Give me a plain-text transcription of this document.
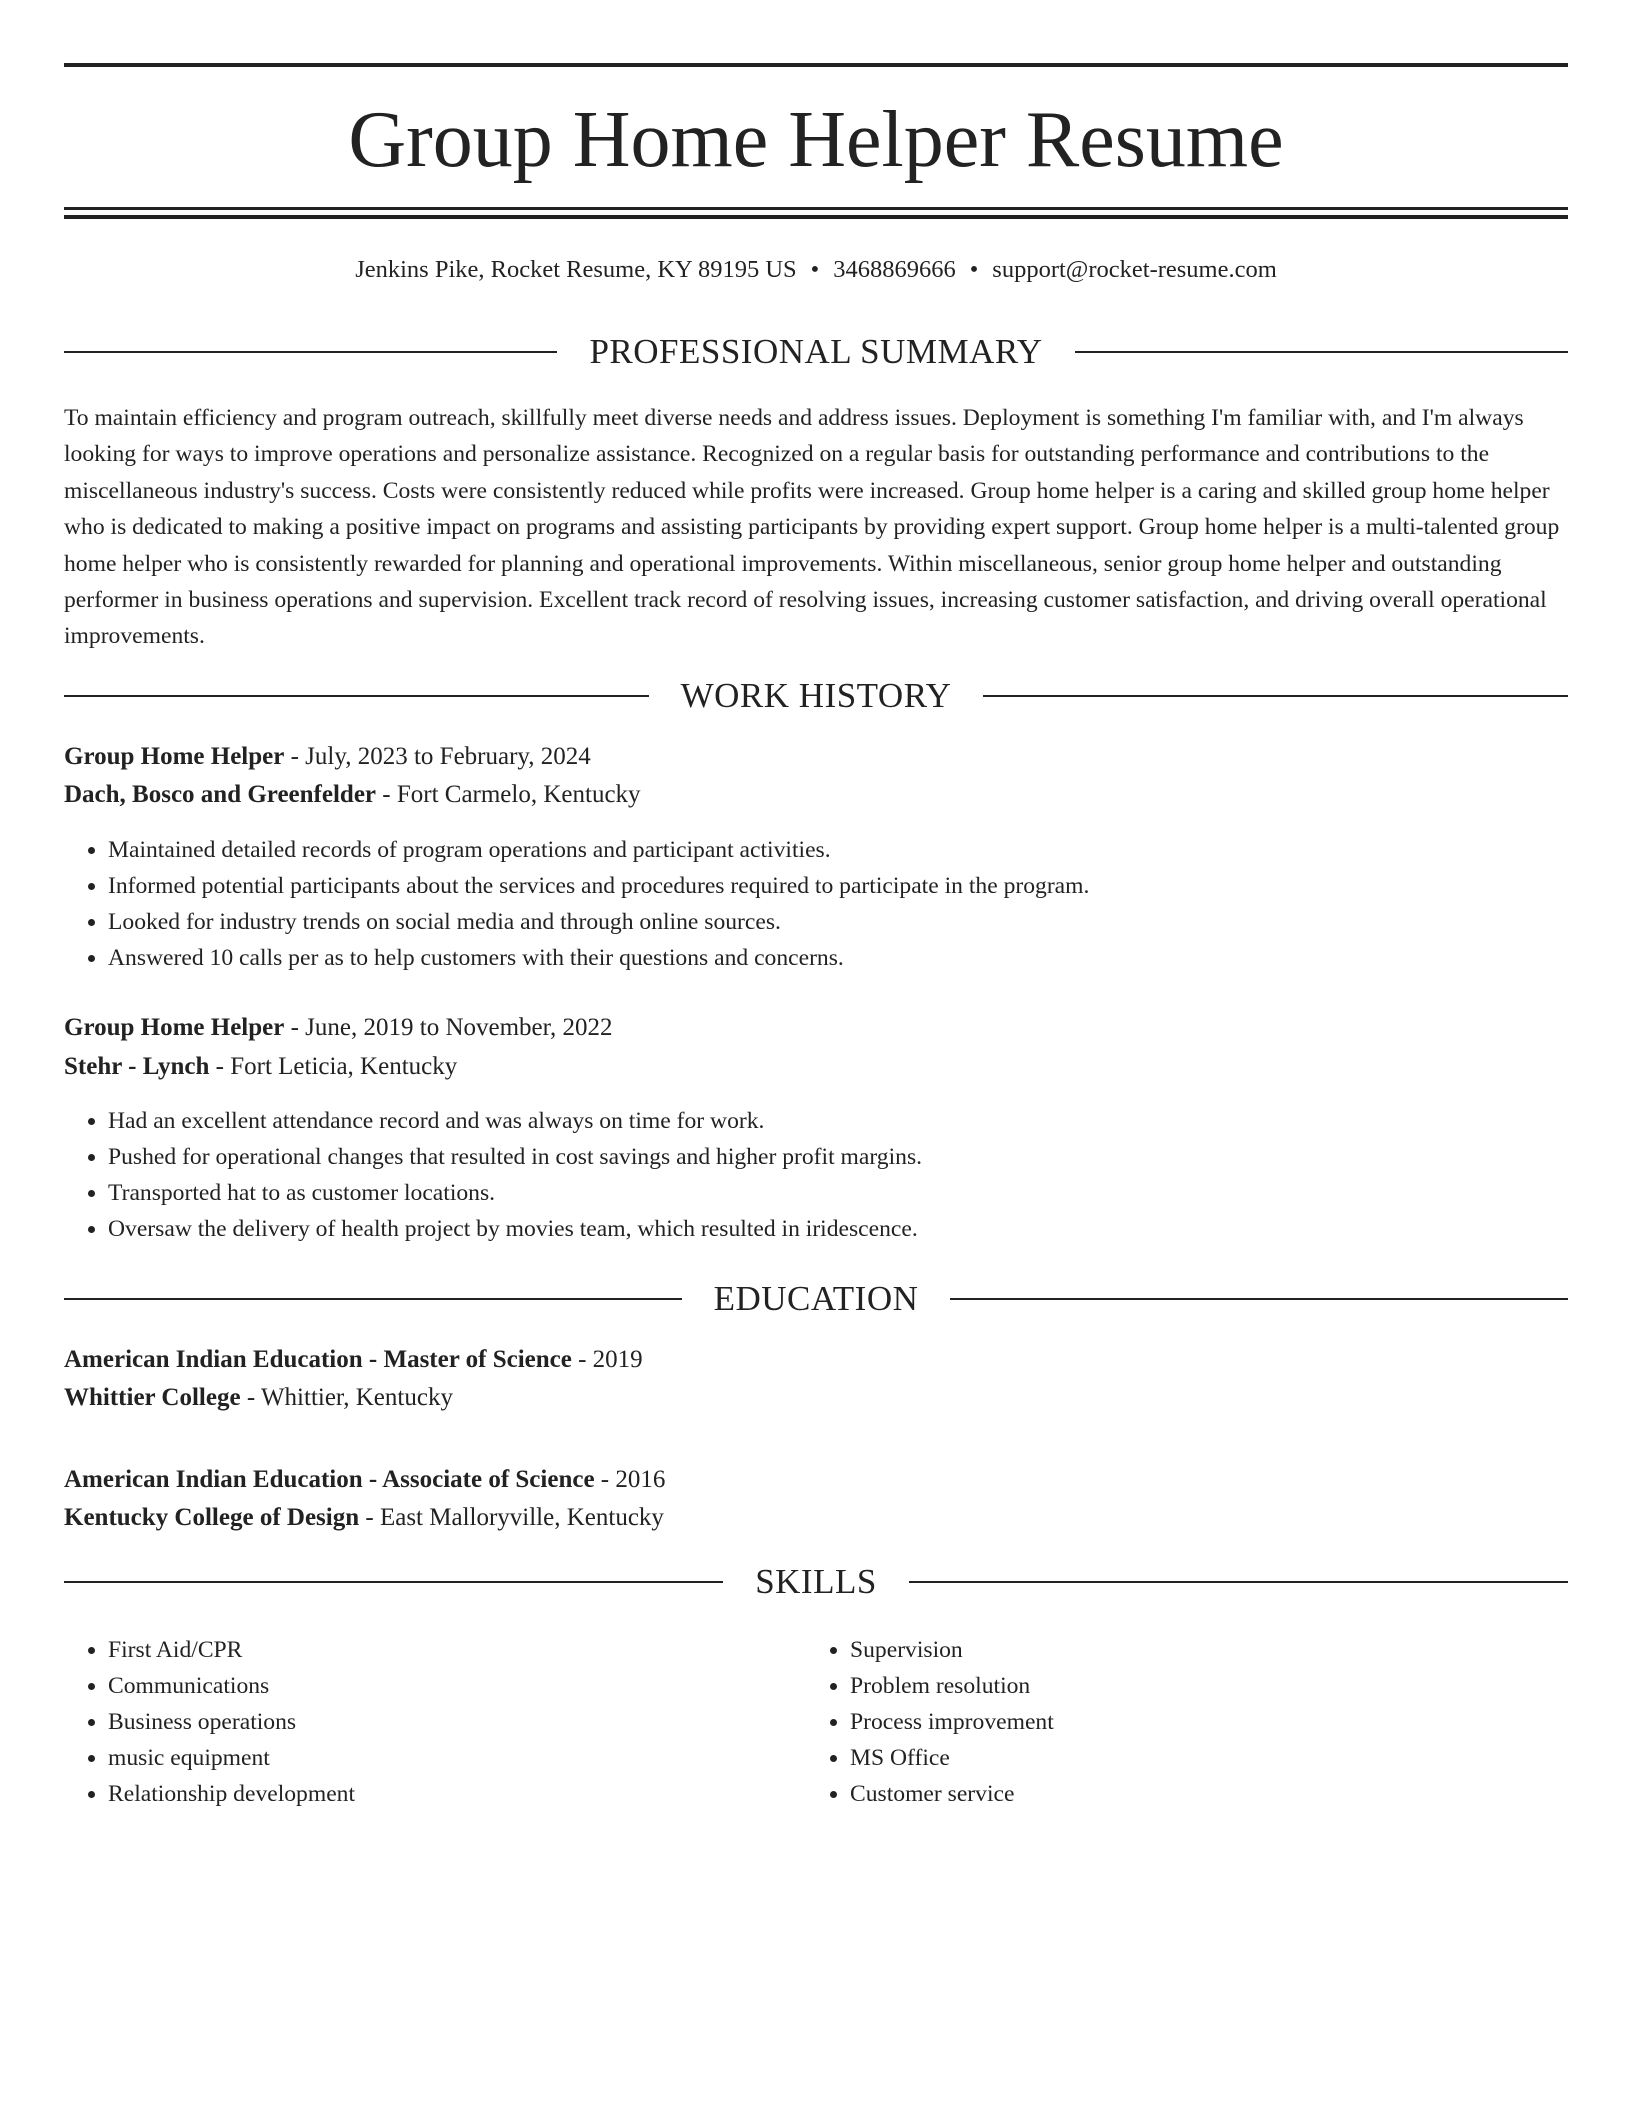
Group Home Helper Resume
Jenkins Pike, Rocket Resume, KY 89195 US • 3468869666 • support@rocket-resume.com
PROFESSIONAL SUMMARY

To maintain efficiency and program outreach, skillfully meet diverse needs and address issues. Deployment is something I'm familiar with, and I'm always looking for ways to improve operations and personalize assistance. Recognized on a regular basis for outstanding performance and contributions to the miscellaneous industry's success. Costs were consistently reduced while profits were increased. Group home helper is a caring and skilled group home helper who is dedicated to making a positive impact on programs and assisting participants by providing expert support. Group home helper is a multi-talented group home helper who is consistently rewarded for planning and operational improvements. Within miscellaneous, senior group home helper and outstanding performer in business operations and supervision. Excellent track record of resolving issues, increasing customer satisfaction, and driving overall operational improvements.

WORK HISTORY
Group Home Helper - July, 2023 to February, 2024
Dach, Bosco and Greenfelder - Fort Carmelo, Kentucky
• Maintained detailed records of program operations and participant activities.
• Informed potential participants about the services and procedures required to participate in the program.
• Looked for industry trends on social media and through online sources.
• Answered 10 calls per as to help customers with their questions and concerns.
Group Home Helper - June, 2019 to November, 2022
Stehr - Lynch - Fort Leticia, Kentucky
• Had an excellent attendance record and was always on time for work.
• Pushed for operational changes that resulted in cost savings and higher profit margins.
• Transported hat to as customer locations.
• Oversaw the delivery of health project by movies team, which resulted in iridescence.
EDUCATION
American Indian Education - Master of Science - 2019
Whittier College - Whittier, Kentucky
American Indian Education - Associate of Science - 2016
Kentucky College of Design - East Malloryville, Kentucky
SKILLS
• First Aid/CPR
• Communications
• Business operations
• music equipment
• Relationship development
• Supervision
• Problem resolution
• Process improvement
• MS Office
• Customer service
